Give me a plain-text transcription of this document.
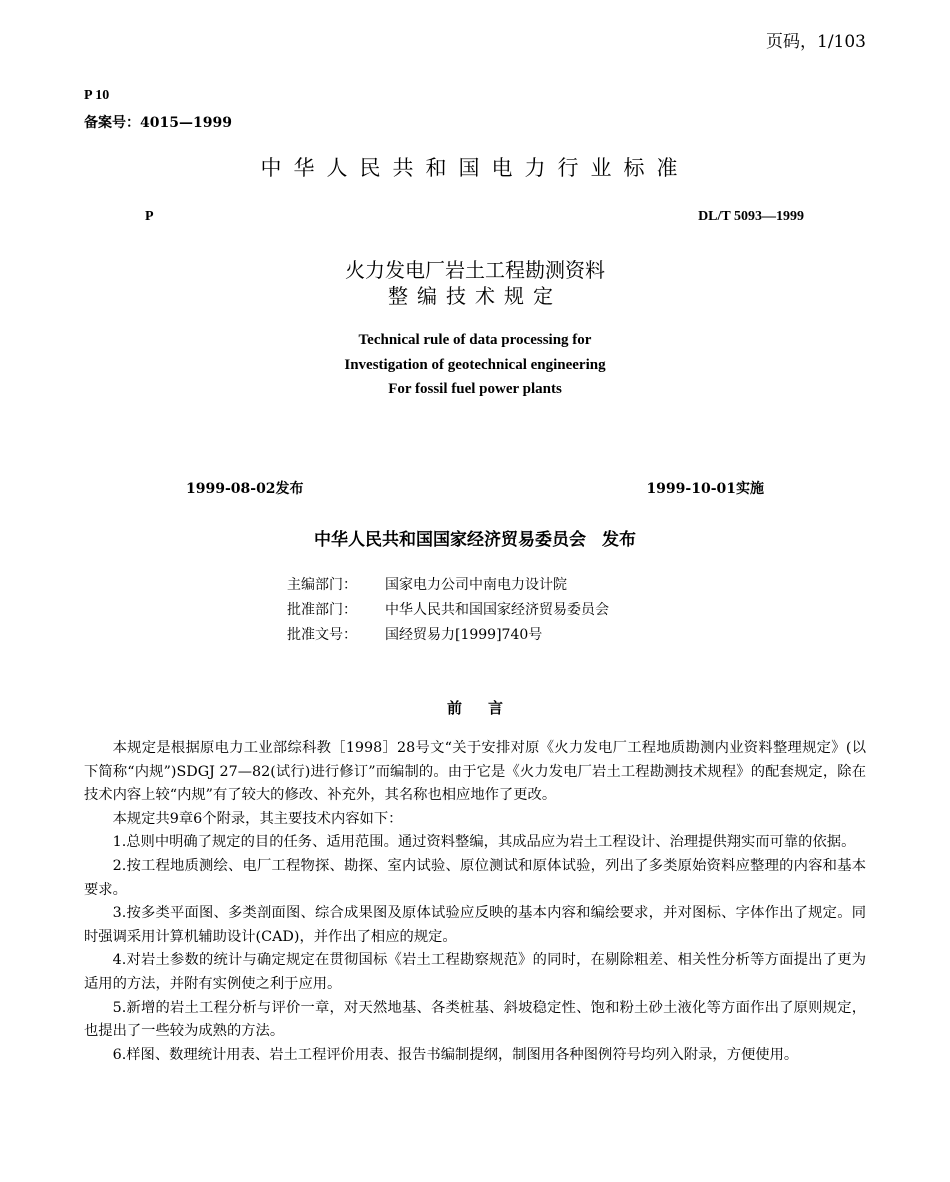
页码，1/103
P 10
备案号：4015—1999
中华人民共和国电力行业标准
P	DL/T 5093—1999
火力发电厂岩土工程勘测资料
整编技术规定
Technical rule of data processing for
Investigation of geotechnical engineering
For fossil fuel power plants
1999-08-02发布	1999-10-01实施
中华人民共和国国家经济贸易委员会 发布
主编部门： 国家电力公司中南电力设计院
批准部门： 中华人民共和国国家经济贸易委员会
批准文号： 国经贸易力[1999]740号
前言

本规定是根据原电力工业部综科教［1998］28号文“关于安排对原《火力发电厂工程地质勘测内业资料整理规定》(以下简称“内规”)SDGJ 27—82(试行)进行修订”而编制的。由于它是《火力发电厂岩土工程勘测技术规程》的配套规定，除在技术内容上较“内规”有了较大的修改、补充外，其名称也相应地作了更改。

本规定共9章6个附录，其主要技术内容如下：

1.总则中明确了规定的目的任务、适用范围。通过资料整编，其成品应为岩土工程设计、治理提供翔实而可靠的依据。

2.按工程地质测绘、电厂工程物探、勘探、室内试验、原位测试和原体试验，列出了多类原始资料应整理的内容和基本要求。

3.按多类平面图、多类剖面图、综合成果图及原体试验应反映的基本内容和编绘要求，并对图标、字体作出了规定。同时强调采用计算机辅助设计(CAD)，并作出了相应的规定。

4.对岩土参数的统计与确定规定在贯彻国标《岩土工程勘察规范》的同时，在剔除粗差、相关性分析等方面提出了更为适用的方法，并附有实例使之利于应用。

5.新增的岩土工程分析与评价一章，对天然地基、各类桩基、斜坡稳定性、饱和粉土砂土液化等方面作出了原则规定，也提出了一些较为成熟的方法。

6.样图、数理统计用表、岩土工程评价用表、报告书编制提纲，制图用各种图例符号均列入附录，方便使用。
